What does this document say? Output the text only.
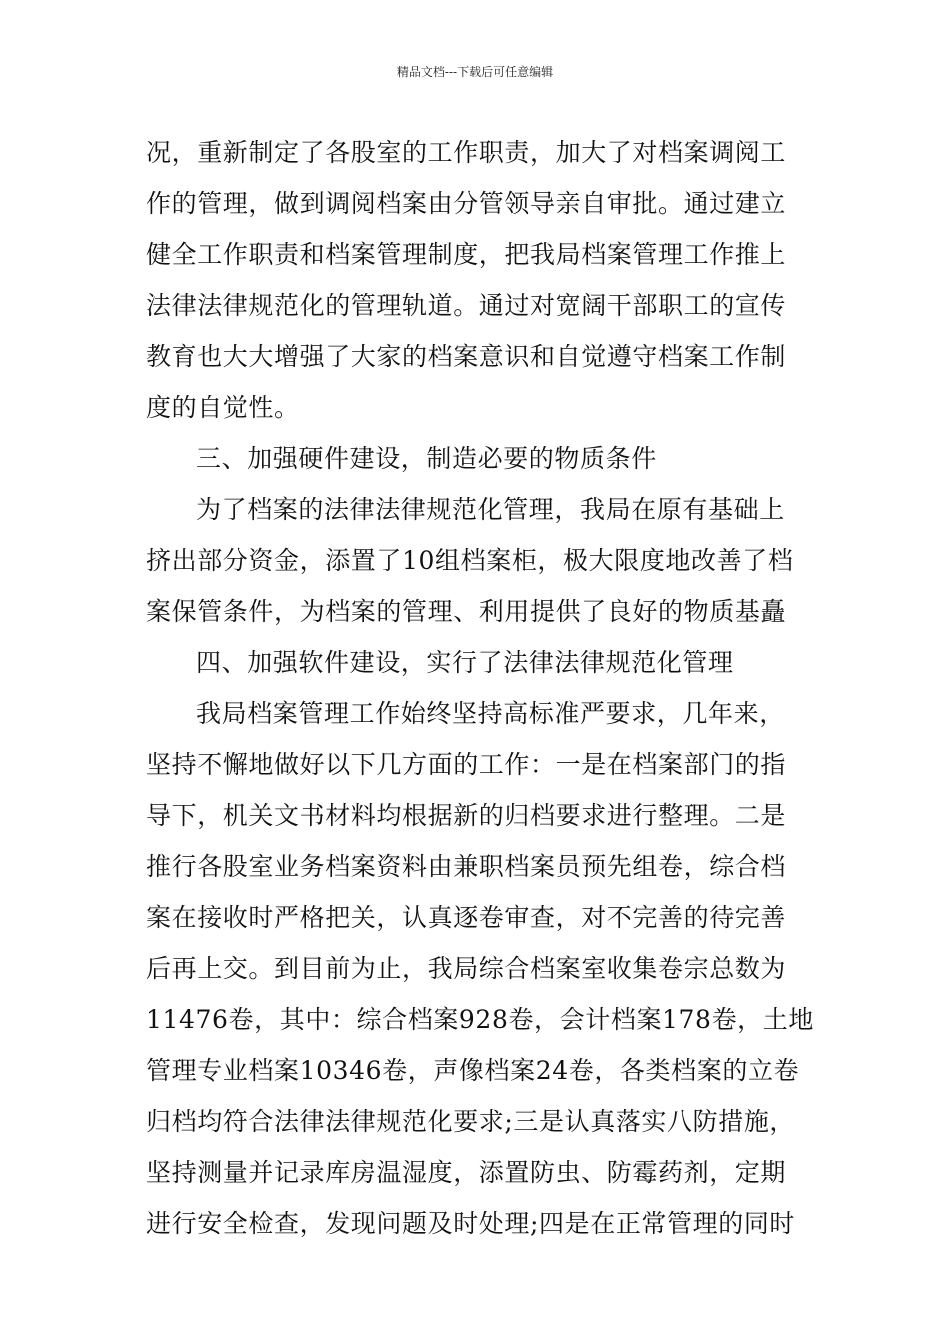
精品文档---下载后可任意编辑
况，重新制定了各股室的工作职责，加大了对档案调阅工
作的管理，做到调阅档案由分管领导亲自审批。通过建立
健全工作职责和档案管理制度，把我局档案管理工作推上
法律法律规范化的管理轨道。通过对宽阔干部职工的宣传
教育也大大增强了大家的档案意识和自觉遵守档案工作制
度的自觉性。
三、加强硬件建设，制造必要的物质条件
为了档案的法律法律规范化管理，我局在原有基础上
挤出部分资金，添置了10组档案柜，极大限度地改善了档
案保管条件，为档案的管理、利用提供了良好的物质基矗
四、加强软件建设，实行了法律法律规范化管理
我局档案管理工作始终坚持高标准严要求，几年来，
坚持不懈地做好以下几方面的工作：一是在档案部门的指
导下，机关文书材料均根据新的归档要求进行整理。二是
推行各股室业务档案资料由兼职档案员预先组卷，综合档
案在接收时严格把关，认真逐卷审查，对不完善的待完善
后再上交。到目前为止，我局综合档案室收集卷宗总数为
11476卷，其中：综合档案928卷，会计档案178卷，土地
管理专业档案10346卷，声像档案24卷，各类档案的立卷
归档均符合法律法律规范化要求;三是认真落实八防措施，
坚持测量并记录库房温湿度，添置防虫、防霉药剂，定期
进行安全检查，发现问题及时处理;四是在正常管理的同时
